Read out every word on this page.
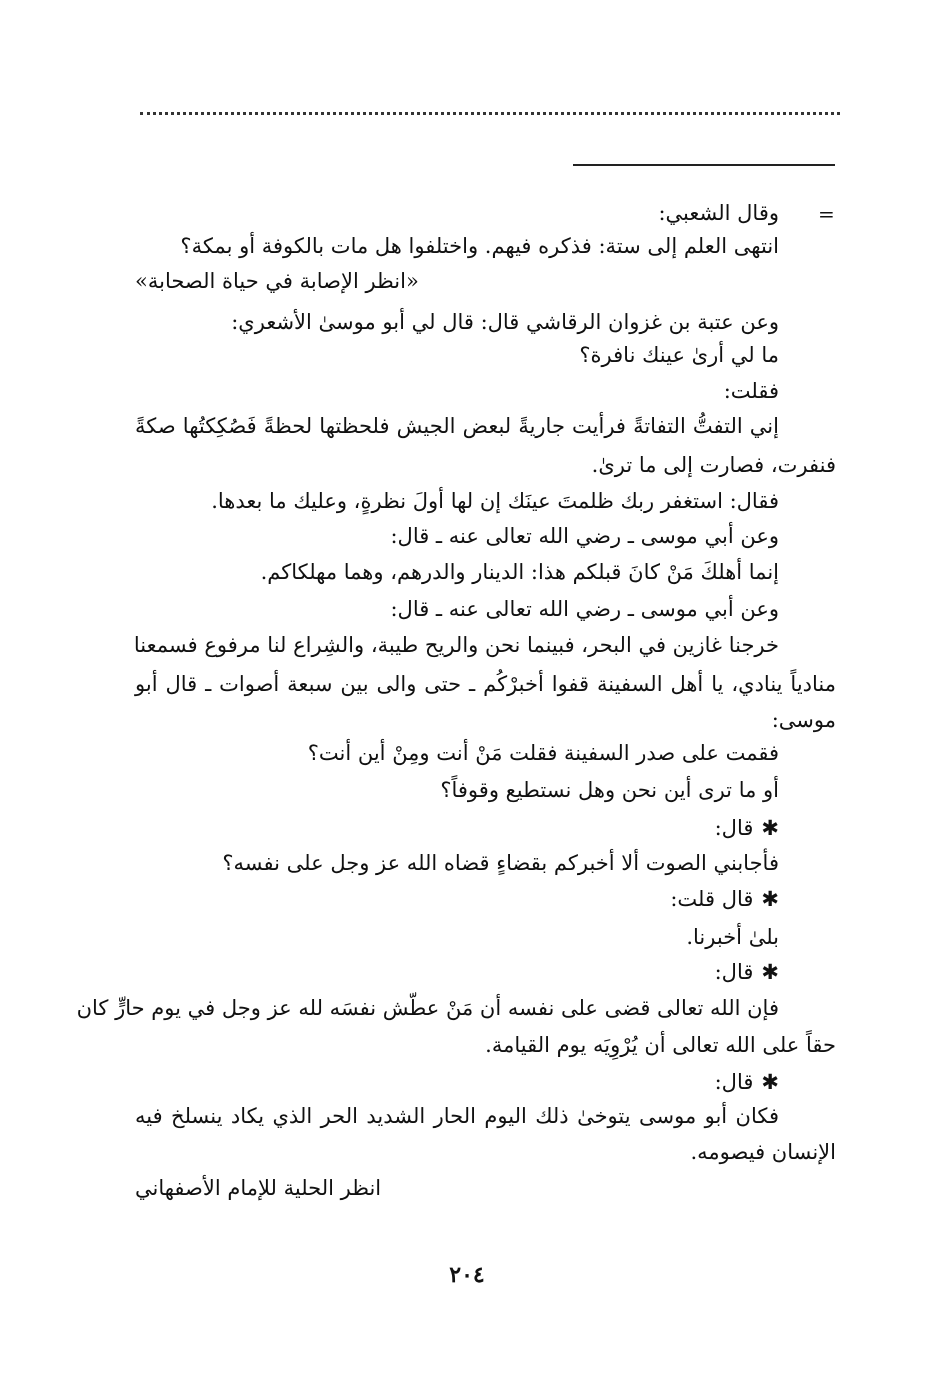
=
وقال الشعبي:
انتهى العلم إلى ستة: فذكره فيهم. واختلفوا هل مات بالكوفة أو بمكة؟
«انظر الإصابة في حياة الصحابة»
وعن عتبة بن غزوان الرقاشي قال: قال لي أبو موسىٰ الأشعري:
ما لي أرىٰ عينك نافرة؟
فقلت:
إني التفتُّ التفاتةً فرأيت جاريةً لبعض الجيش فلحظتها لحظةً فَصُكِكتُها صكةً
فنفرت، فصارت إلى ما ترىٰ.
فقال: استغفر ربك ظلمتَ عينَك إن لها أولَ نظرةٍ، وعليك ما بعدها.
وعن أبي موسى ـ رضي الله تعالى عنه ـ قال:
إنما أهلكَ مَنْ كانَ قبلكم هذا: الدينار والدرهم، وهما مهلكاكم.
وعن أبي موسى ـ رضي الله تعالى عنه ـ قال:
خرجنا غازين في البحر، فبينما نحن والريح طيبة، والشِراع لنا مرفوع فسمعنا
منادياً ينادي، يا أهل السفينة قفوا أخبرْكُم ـ حتى والى بين سبعة أصوات ـ قال أبو
موسى:
فقمت على صدر السفينة فقلت مَنْ أنت ومِنْ أين أنت؟
أو ما ترى أين نحن وهل نستطيع وقوفاً؟
✱قال:
فأجابني الصوت ألا أخبركم بقضاءٍ قضاه الله عز وجل على نفسه؟
✱قال قلت:
بلىٰ أخبرنا.
✱قال:
فإن الله تعالى قضى على نفسه أن مَنْ عطّش نفسَه لله عز وجل في يوم حارٍّ كان
حقاً على الله تعالى أن يُرْوِيَه يوم القيامة.
✱قال:
فكان أبو موسى يتوخىٰ ذلك اليوم الحار الشديد الحر الذي يكاد ينسلخ فيه
الإنسان فيصومه.
انظر الحلية للإمام الأصفهاني
٢٠٤
